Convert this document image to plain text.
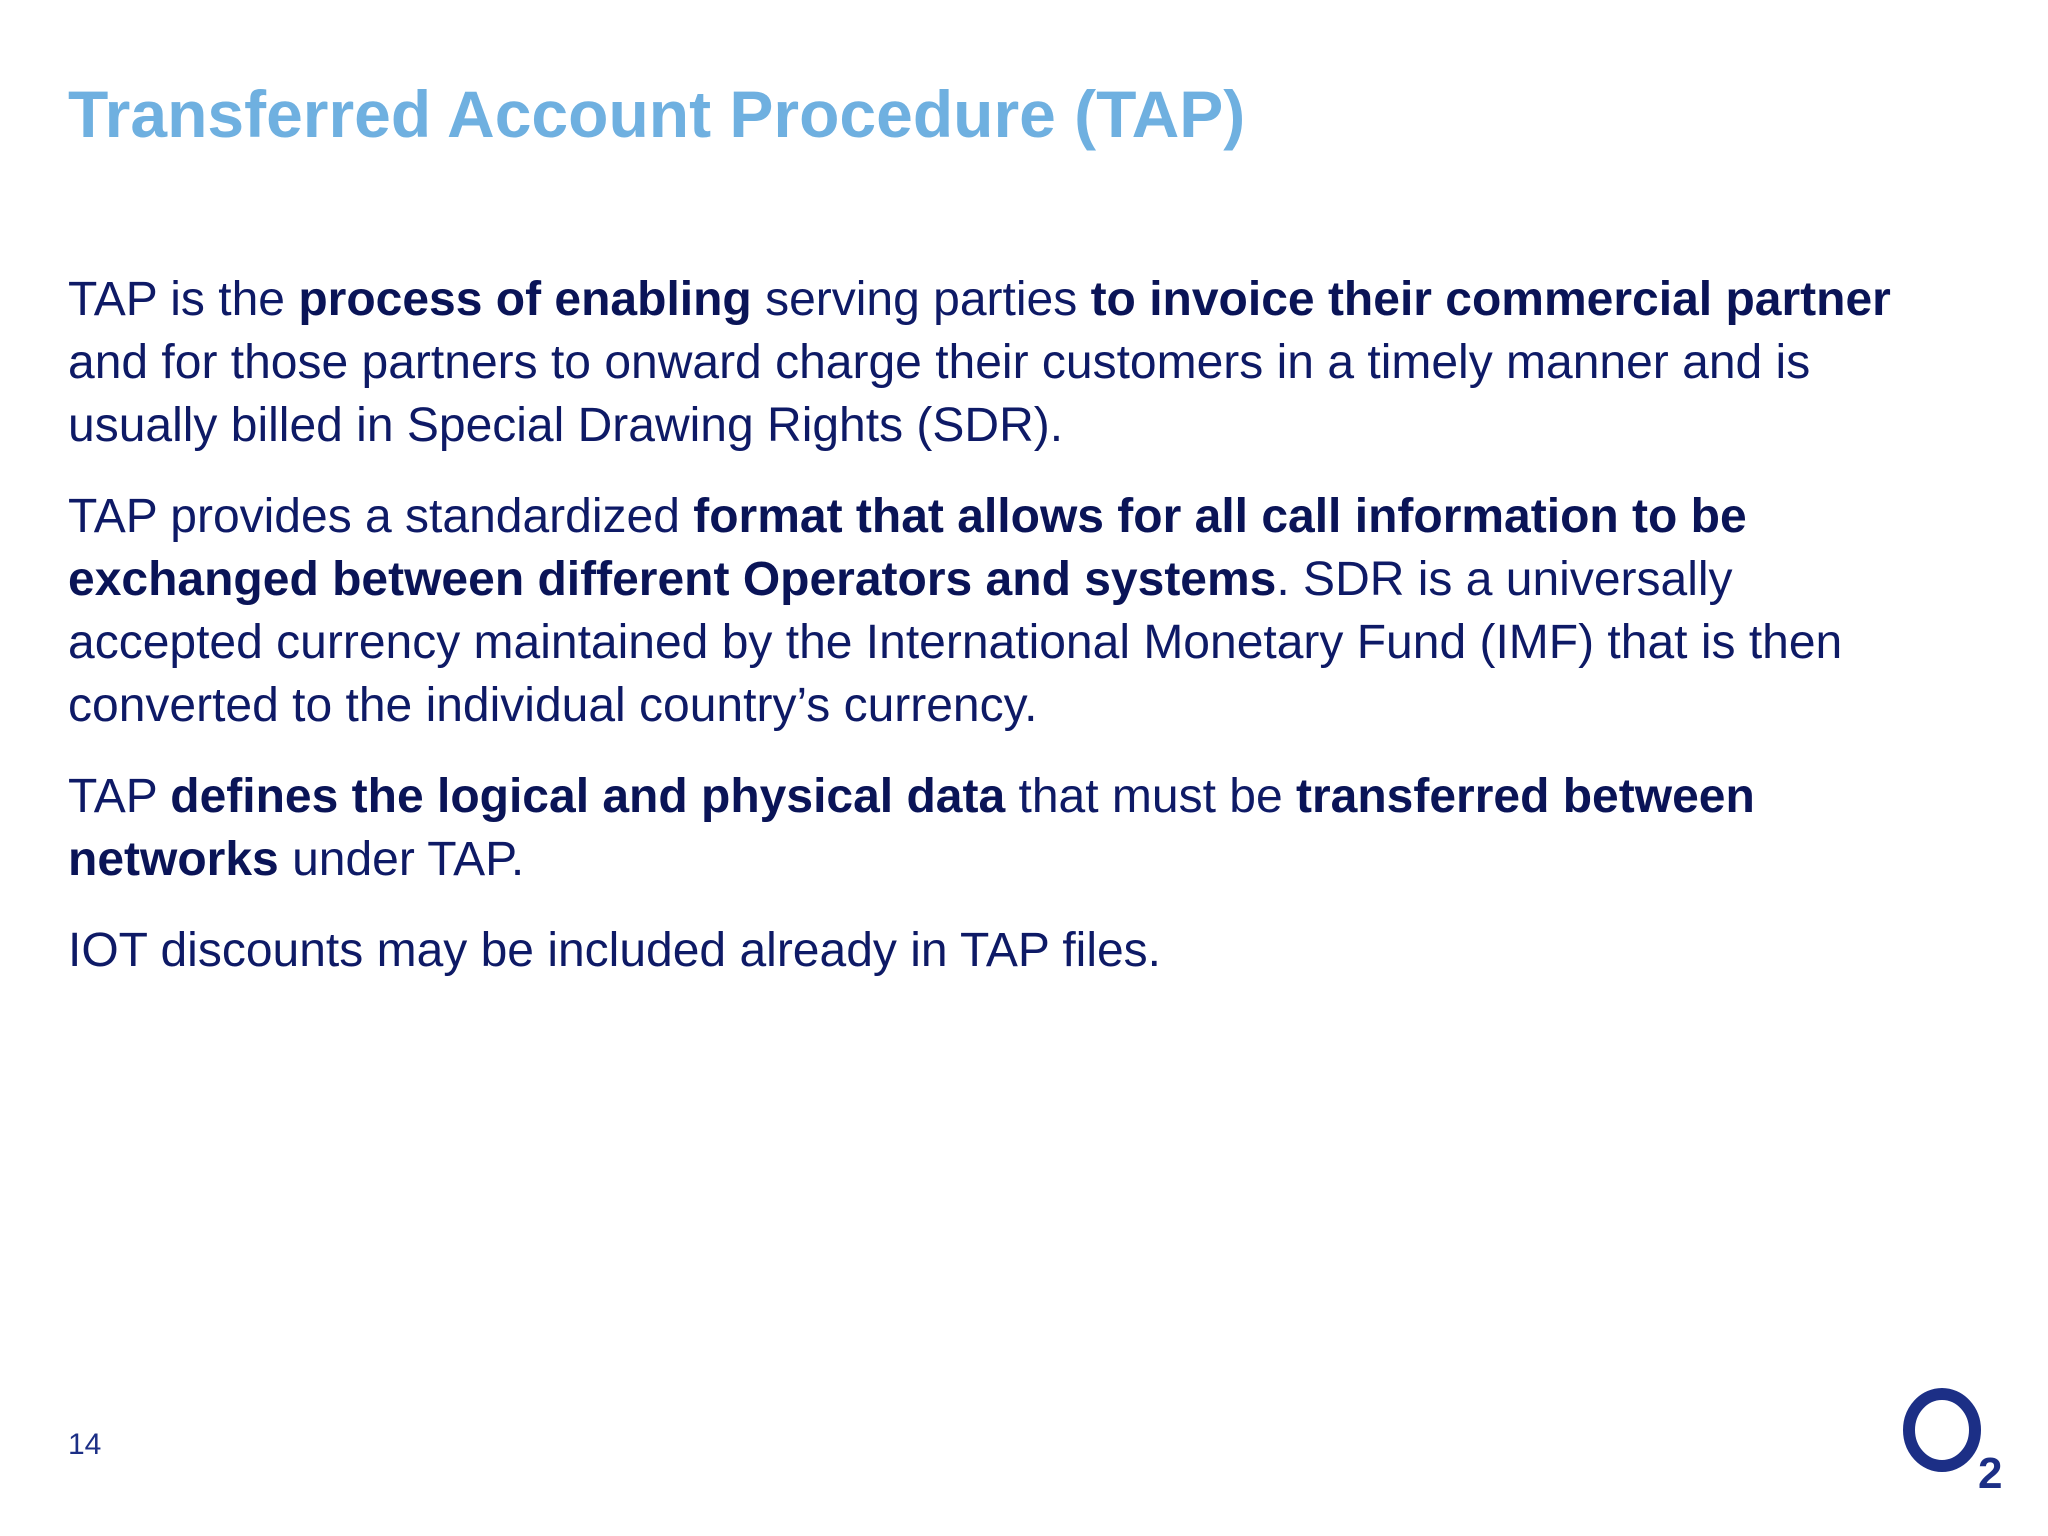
Transferred Account Procedure (TAP)

TAP is the process of enabling serving parties to invoice their commercial partner and for those partners to onward charge their customers in a timely manner and is usually billed in Special Drawing Rights (SDR).

TAP provides a standardized format that allows for all call information to be exchanged between different Operators and systems. SDR is a universally accepted currency maintained by the International Monetary Fund (IMF) that is then converted to the individual country’s currency.

TAP defines the logical and physical data that must be transferred between networks under TAP.

IOT discounts may be included already in TAP files.

14
2
